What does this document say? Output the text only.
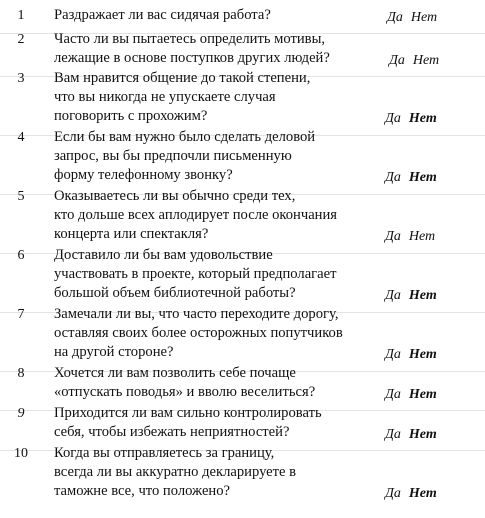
1	Раздражает ли вас сидячая работа?	Да Нет
2	Часто ли вы пытаетесь определить мотивы,
лежащие в основе поступков других людей?	Да Нет
3	Вам нравится общение до такой степени,
что вы никогда не упускаете случая
поговорить с прохожим?	Да Нет
4	Если бы вам нужно было сделать деловой
запрос, вы бы предпочли письменную
форму телефонному звонку?	Да Нет
5	Оказываетесь ли вы обычно среди тех,
кто дольше всех аплодирует после окончания
концерта или спектакля?	Да Нет
6	Доставило ли бы вам удовольствие
участвовать в проекте, который предполагает
большой объем библиотечной работы?	Да Нет
7	Замечали ли вы, что часто переходите дорогу,
оставляя своих более осторожных попутчиков
на другой стороне?	Да Нет
8	Хочется ли вам позволить себе почаще
«отпускать поводья» и вволю веселиться?	Да Нет
9	Приходится ли вам сильно контролировать
себя, чтобы избежать неприятностей?	Да Нет
10	Когда вы отправляетесь за границу,
всегда ли вы аккуратно декларируете в
таможне все, что положено?	Да Нет
